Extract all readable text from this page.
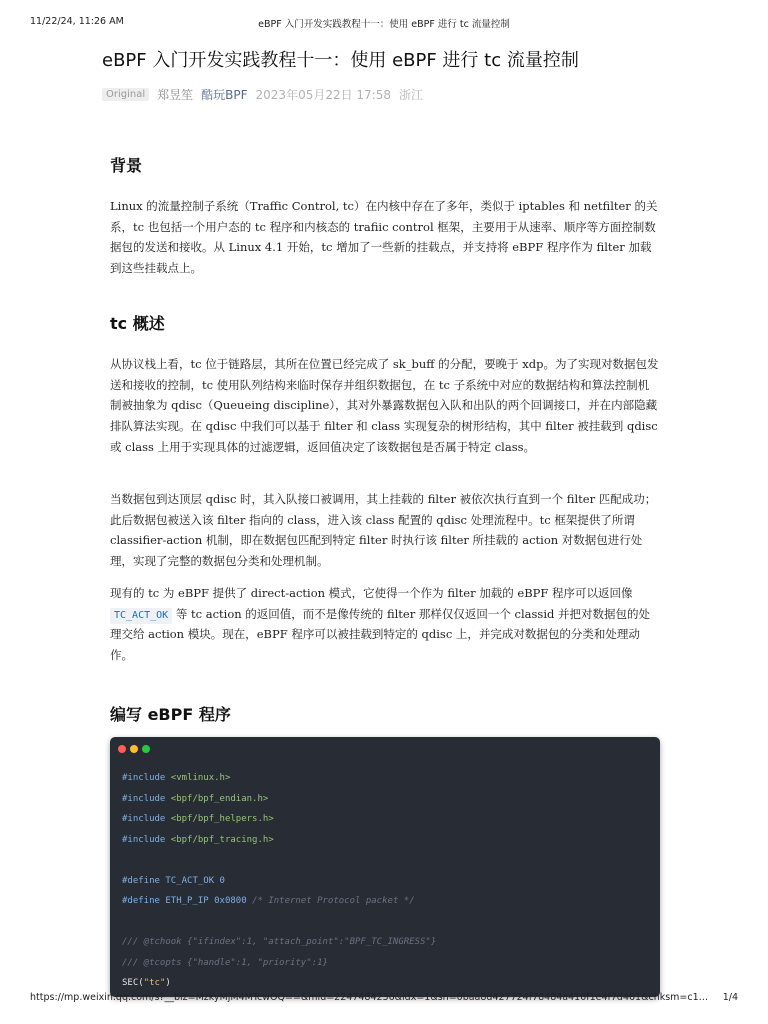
11/22/24, 11:26 AM	eBPF 入门开发实践教程十一：使用 eBPF 进行 tc 流量控制
eBPF 入门开发实践教程十一：使用 eBPF 进行 tc 流量控制
Original	郑昱笙 酷玩BPF 2023年05月22日 17:58 浙江
背景

Linux 的流量控制子系统（Traffic Control, tc）在内核中存在了多年，类似于 iptables 和 netfilter 的关系，tc 也包括一个用户态的 tc 程序和内核态的 trafiic control 框架，主要用于从速率、顺序等方面控制数据包的发送和接收。从 Linux 4.1 开始，tc 增加了一些新的挂载点，并支持将 eBPF 程序作为 filter 加载到这些挂载点上。

tc 概述

从协议栈上看，tc 位于链路层，其所在位置已经完成了 sk_buff 的分配，要晚于 xdp。为了实现对数据包发送和接收的控制，tc 使用队列结构来临时保存并组织数据包，在 tc 子系统中对应的数据结构和算法控制机制被抽象为 qdisc（Queueing discipline），其对外暴露数据包入队和出队的两个回调接口，并在内部隐藏排队算法实现。在 qdisc 中我们可以基于 filter 和 class 实现复杂的树形结构，其中 filter 被挂载到 qdisc 或 class 上用于实现具体的过滤逻辑，返回值决定了该数据包是否属于特定 class。

当数据包到达顶层 qdisc 时，其入队接口被调用，其上挂载的 filter 被依次执行直到一个 filter 匹配成功；此后数据包被送入该 filter 指向的 class，进入该 class 配置的 qdisc 处理流程中。tc 框架提供了所谓 classifier-action 机制，即在数据包匹配到特定 filter 时执行该 filter 所挂载的 action 对数据包进行处理，实现了完整的数据包分类和处理机制。

现有的 tc 为 eBPF 提供了 direct-action 模式，它使得一个作为 filter 加载的 eBPF 程序可以返回像 TC_ACT_OK 等 tc action 的返回值，而不是像传统的 filter 那样仅仅返回一个 classid 并把对数据包的处理交给 action 模块。现在，eBPF 程序可以被挂载到特定的 qdisc 上，并完成对数据包的分类和处理动作。

编写 eBPF 程序
#include <vmlinux.h>
#include <bpf/bpf_endian.h>
#include <bpf/bpf_helpers.h>
#include <bpf/bpf_tracing.h>

#define TC_ACT_OK 0
#define ETH_P_IP 0x0800 /* Internet Protocol packet */

/// @tchook {"ifindex":1, "attach_point":"BPF_TC_INGRESS"}
/// @tcopts {"handle":1, "priority":1}
SEC("tc")
https://mp.weixin.qq.com/s?__biz=MzkyMjM4MTcwOQ==&mid=2247484236&idx=1&sn=0baa8d427724f78484a410f1e4f7d461&chksm=c1f...	1/4
